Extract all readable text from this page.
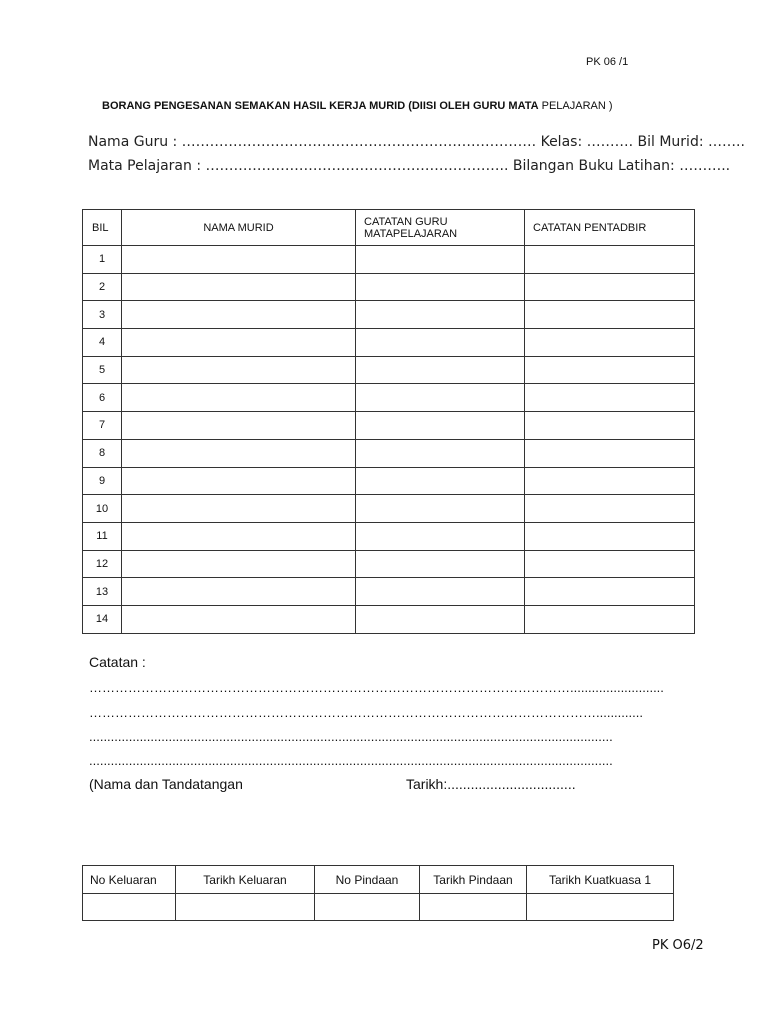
PK 06 /1
BORANG PENGESANAN SEMAKAN HASIL KERJA MURID (DIISI OLEH GURU MATA PELAJARAN )
Nama Guru : …………………………………………………………………. Kelas: ………. Bil Murid: ……..
Mata Pelajaran : ……………………………………………………….. Bilangan Buku Latihan: ………..
BIL	NAMA MURID	CATATAN GURU MATAPELAJARAN	CATATAN PENTADBIR
1			
2			
3			
4			
5			
6			
7			
8			
9			
10			
11			
12			
13			
14			
Catatan :
…………………………………………………………………………………………………..........................
……………………………………………………………………………………………………….............
.................................................................................................................................................
.................................................................................................................................................
(Nama dan Tandatangan	Tarikh:.................................
No Keluaran	Tarikh Keluaran	No Pindaan	Tarikh Pindaan	Tarikh Kuatkuasa 1

PK O6/2
